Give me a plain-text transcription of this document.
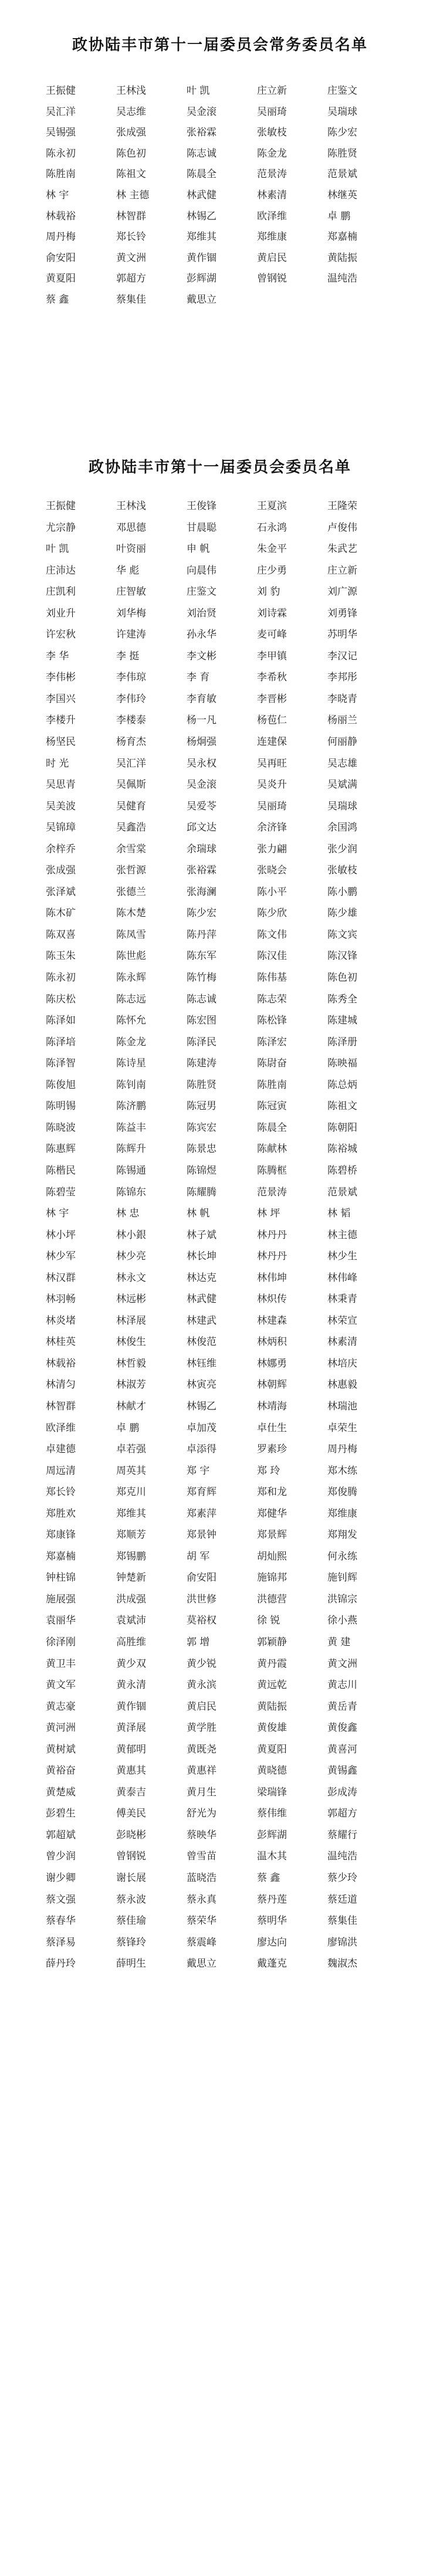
政协陆丰市第十一届委员会常务委员名单
王振健	王林浅	叶 凯	庄立新	庄鉴文
吴汇洋	吴志维	吴金滚	吴丽琦	吴瑞球
吴锡强	张成强	张裕霖	张敏枝	陈少宏
陈永初	陈色初	陈志诚	陈金龙	陈胜贤
陈胜南	陈祖文	陈晨全	范景涛	范景斌
林 宇	林 主德	林武健	林素清	林继英
林载裕	林智群	林锡乙	欧泽维	卓 鹏
周丹梅	郑长铃	郑维其	郑维康	郑嘉楠
俞安阳	黄文洲	黄作锢	黄启民	黄陆振
黄夏阳	郭超方	彭辉湖	曾钢锐	温纯浩
蔡 鑫	蔡集佳	戴思立
政协陆丰市第十一届委员会委员名单
王振健	王林浅	王俊锋	王夏滨	王隆荣
尤宗静	邓思德	甘晨聪	石永鸿	卢俊伟
叶 凯	叶资丽	申 帆	朱金平	朱武艺
庄沛达	华 彪	向晨伟	庄少勇	庄立新
庄凯利	庄智敏	庄鉴文	刘 豹	刘广源
刘业升	刘华梅	刘治贤	刘诗霖	刘勇锋
许宏秋	许建涛	孙永华	麦可峰	苏明华
李 华	李 挺	李文彬	李甲镇	李汉记
李伟彬	李伟琼	李 育	李希秋	李邦彤
李国兴	李伟玲	李育敏	李晋彬	李晓青
李楼升	李楼泰	杨一凡	杨苞仁	杨丽兰
杨坚民	杨育杰	杨炯强	连建保	何丽静
时 光	吴汇洋	吴永权	吴再旺	吴志雄
吴思青	吴佩斯	吴金滚	吴炎升	吴斌满
吴美波	吴健育	吴爱苓	吴丽琦	吴瑞球
吴锦璋	吴鑫浩	邱文达	余济锋	余国鸿
余梓乔	余雪棠	余瑞球	张力翩	张少润
张成强	张哲源	张裕霖	张晓会	张敏枝
张泽斌	张德兰	张海澜	陈小平	陈小鹏
陈木矿	陈木楚	陈少宏	陈少欣	陈少雄
陈双喜	陈凤雪	陈丹萍	陈文伟	陈文宾
陈玉朱	陈世彪	陈东军	陈汉佳	陈汉锋
陈永初	陈永辉	陈竹梅	陈伟基	陈色初
陈庆松	陈志远	陈志诚	陈志荣	陈秀全
陈泽如	陈怀允	陈宏图	陈松锋	陈建城
陈泽培	陈金龙	陈泽民	陈泽宏	陈泽册
陈泽智	陈诗星	陈建涛	陈尉奋	陈映福
陈俊旭	陈钊南	陈胜贤	陈胜南	陈总炳
陈明锡	陈济鹏	陈冠男	陈冠寅	陈祖文
陈晓波	陈益丰	陈宾宏	陈晨全	陈朝阳
陈惠辉	陈辉升	陈景忠	陈献林	陈裕城
陈楷民	陈锡通	陈锦煜	陈腾框	陈碧桥
陈碧莹	陈锦东	陈耀腾	范景涛	范景斌
林 宇	林 忠	林 帆	林 坪	林 韬
林小坪	林小銀	林子斌	林丹丹	林主德
林少军	林少亮	林长坤	林丹丹	林少生
林汉群	林永文	林达克	林伟坤	林伟峰
林羽畅	林远彬	林武健	林炽传	林秉青
林炎堵	林泽展	林建武	林建森	林荣宣
林桂英	林俊生	林俊范	林炳积	林素清
林载裕	林哲毅	林钰维	林娜勇	林培庆
林清匀	林淑芳	林寅亮	林朝辉	林惠毅
林智群	林献才	林锡乙	林靖海	林瑞池
欧泽维	卓 鹏	卓加茂	卓仕生	卓荣生
卓建德	卓若强	卓添得	罗素珍	周丹梅
周远清	周英其	郑 宇	郑 玲	郑木练
郑长铃	郑克川	郑育辉	郑和龙	郑俊腾
郑胜欢	郑维其	郑素萍	郑健华	郑维康
郑康锋	郑顺芳	郑景钟	郑景辉	郑翔发
郑嘉楠	郑锡鹏	胡 军	胡灿熙	何永练
钟柱锦	钟楚新	俞安阳	施锦邦	施钊辉
施展强	洪成强	洪世修	洪德营	洪锦宗
袁丽华	袁斌沛	莫裕权	徐 锐	徐小燕
徐泽刚	高胜维	郭 增	郭颖静	黄 建
黄卫丰	黄少双	黄少锐	黄丹霞	黄文洲
黄文军	黄永清	黄永滨	黄远乾	黄志川
黄志豪	黄作锢	黄启民	黄陆振	黄岳青
黄河洲	黄泽展	黄学胜	黄俊雄	黄俊鑫
黄树斌	黄郁明	黄既尧	黄夏阳	黄喜河
黄裕奋	黄惠其	黄惠祥	黄晓德	黄锡鑫
黄楚威	黄泰吉	黄月生	梁瑞锋	彭成涛
彭碧生	傅美民	舒光为	蔡伟维	郭超方
郭超斌	彭晓彬	蔡映华	彭辉湖	蔡耀行
曾少润	曾钢锐	曾雪苗	温木其	温纯浩
谢少卿	谢长展	蓝晓浩	蔡 鑫	蔡少玲
蔡文强	蔡永波	蔡永真	蔡丹莲	蔡廷道
蔡春华	蔡佳瑜	蔡荣华	蔡明华	蔡集佳
蔡泽易	蔡锋玲	蔡震峰	廖达向	廖锦洪
薛丹玲	薛明生	戴思立	戴蓬克	魏淑杰
